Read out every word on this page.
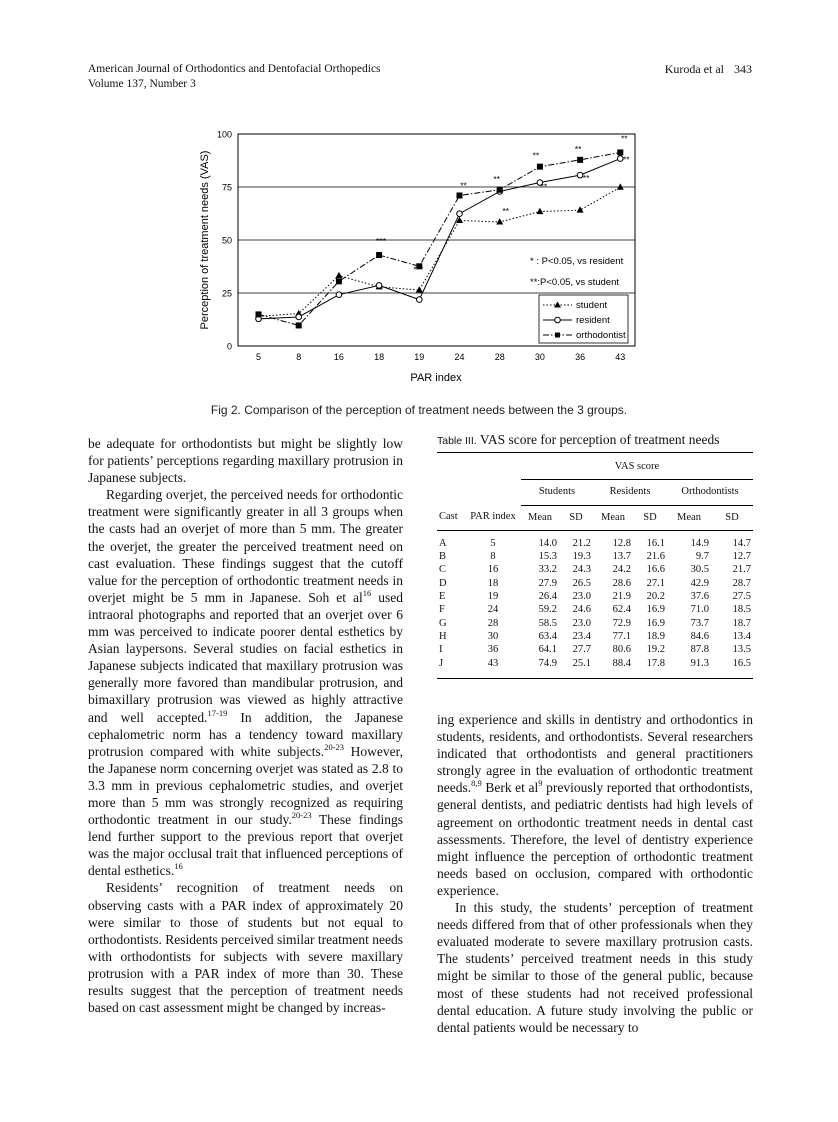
American Journal of Orthodontics and Dentofacial Orthopedics
Volume 137, Number 3
Kuroda et al 343
0
25
50
75
100
5	8	16	18	19	24	28	30	36	43
Perception of treatment needs (VAS)
PAR index
***
***
**
**
**
**
**
**
**
**
**
* : P<0.05, vs resident
**:P<0.05, vs student
student
resident
orthodontist
Fig 2. Comparison of the perception of treatment needs between the 3 groups.

be adequate for orthodontists but might be slightly low for patients’ perceptions regarding maxillary protrusion in Japanese subjects.

Regarding overjet, the perceived needs for orthodontic treatment were significantly greater in all 3 groups when the casts had an overjet of more than 5 mm. The greater the overjet, the greater the perceived treatment need on cast evaluation. These findings suggest that the cutoff value for the perception of orthodontic treatment needs in overjet might be 5 mm in Japanese. Soh et $al^{16}$ used intraoral photographs and reported that an overjet over 6 mm was perceived to indicate poorer dental esthetics by Asian laypersons. Several studies on facial esthetics in Japanese subjects indicated that maxillary protrusion was generally more favored than mandibular protrusion, and bimaxillary protrusion was viewed as highly attractive and well accepted.$^{17-19}$ In addition, the Japanese cephalometric norm has a tendency toward maxillary protrusion compared with white subjects.$^{20-23}$ However, the Japanese norm concerning overjet was stated as 2.8 to 3.3 mm in previous cephalometric studies, and overjet more than 5 mm was strongly recognized as requiring orthodontic treatment in our study.$^{20-23}$ These findings lend further support to the previous report that overjet was the major occlusal trait that influenced perceptions of dental esthetics.$^{16}$

Residents’ recognition of treatment needs on observing casts with a PAR index of approximately 20 were similar to those of students but not equal to orthodontists. Residents perceived similar treatment needs with orthodontists for subjects with severe maxillary protrusion with a PAR index of more than 30. These results suggest that the perception of treatment needs based on cast assessment might be changed by increas-

Table III. VAS score for perception of treatment needs
		VAS score					
		Students		Residents		Orthodontists	
Cast	PAR index	Mean	SD	Mean	SD	Mean	SD
A	5	14.0	21.2	12.8	16.1	14.9	14.7
B	8	15.3	19.3	13.7	21.6	9.7	12.7
C	16	33.2	24.3	24.2	16.6	30.5	21.7
D	18	27.9	26.5	28.6	27.1	42.9	28.7
E	19	26.4	23.0	21.9	20.2	37.6	27.5
F	24	59.2	24.6	62.4	16.9	71.0	18.5
G	28	58.5	23.0	72.9	16.9	73.7	18.7
H	30	63.4	23.4	77.1	18.9	84.6	13.4
I	36	64.1	27.7	80.6	19.2	87.8	13.5
J	43	74.9	25.1	88.4	17.8	91.3	16.5

ing experience and skills in dentistry and orthodontics in students, residents, and orthodontists. Several researchers indicated that orthodontists and general practitioners strongly agree in the evaluation of orthodontic treatment needs.$^{8,9}$ Berk et $al^9$ previously reported that orthodontists, general dentists, and pediatric dentists had high levels of agreement on orthodontic treatment needs in dental cast assessments. Therefore, the level of dentistry experience might influence the perception of orthodontic treatment needs based on occlusion, compared with orthodontic experience.

In this study, the students’ perception of treatment needs differed from that of other professionals when they evaluated moderate to severe maxillary protrusion casts. The students’ perceived treatment needs in this study might be similar to those of the general public, because most of these students had not received professional dental education. A future study involving the public or dental patients would be necessary to
